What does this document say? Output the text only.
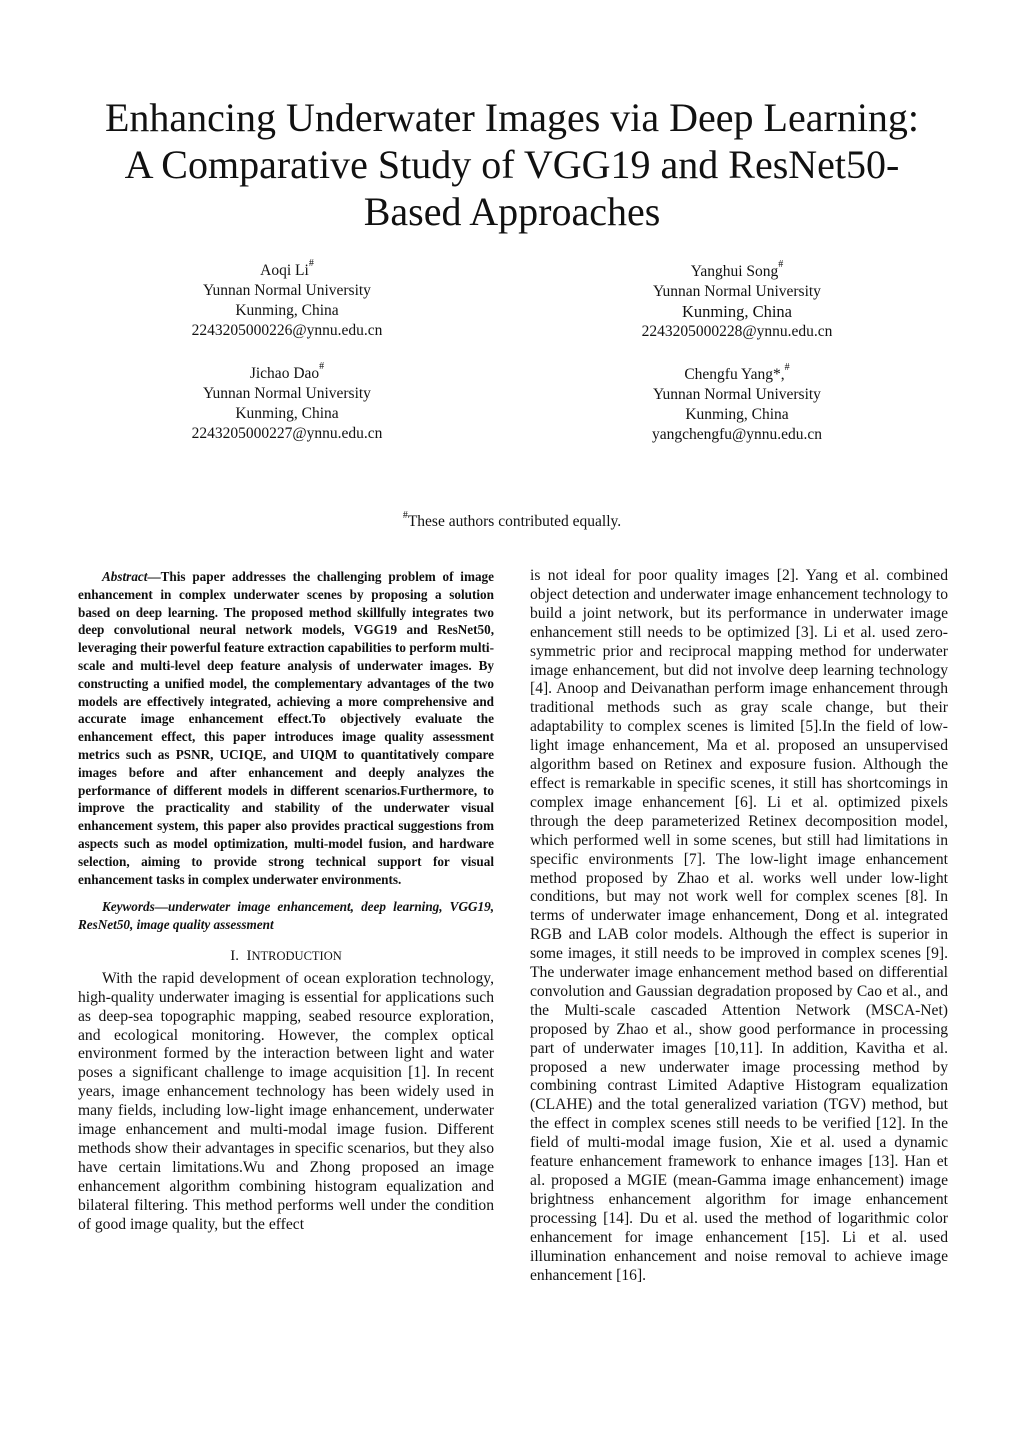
Enhancing Underwater Images via Deep Learning:
A Comparative Study of VGG19 and ResNet50-
Based Approaches
Aoqi Li#
Yunnan Normal University
Kunming, China
2243205000226@ynnu.edu.cn
Yanghui Song#
Yunnan Normal University
Kunming, China
2243205000228@ynnu.edu.cn
Jichao Dao#
Yunnan Normal University
Kunming, China
2243205000227@ynnu.edu.cn
Chengfu Yang*,#
Yunnan Normal University
Kunming, China
yangchengfu@ynnu.edu.cn
#These authors contributed equally.

Abstract—This paper addresses the challenging problem of image enhancement in complex underwater scenes by proposing a solution based on deep learning. The proposed method skillfully integrates two deep convolutional neural network models, VGG19 and ResNet50, leveraging their powerful feature extraction capabilities to perform multi-scale and multi-level deep feature analysis of underwater images. By constructing a unified model, the complementary advantages of the two models are effectively integrated, achieving a more comprehensive and accurate image enhancement effect.To objectively evaluate the enhancement effect, this paper introduces image quality assessment metrics such as PSNR, UCIQE, and UIQM to quantitatively compare images before and after enhancement and deeply analyzes the performance of different models in different scenarios.Furthermore, to improve the practicality and stability of the underwater visual enhancement system, this paper also provides practical suggestions from aspects such as model optimization, multi-model fusion, and hardware selection, aiming to provide strong technical support for visual enhancement tasks in complex underwater environments.

Keywords—underwater image enhancement, deep learning, VGG19, ResNet50, image quality assessment

I. INTRODUCTION

With the rapid development of ocean exploration technology, high-quality underwater imaging is essential for applications such as deep-sea topographic mapping, seabed resource exploration, and ecological monitoring. However, the complex optical environment formed by the interaction between light and water poses a significant challenge to image acquisition [1]. In recent years, image enhancement technology has been widely used in many fields, including low-light image enhancement, underwater image enhancement and multi-modal image fusion. Different methods show their advantages in specific scenarios, but they also have certain limitations.Wu and Zhong proposed an image enhancement algorithm combining histogram equalization and bilateral filtering. This method performs well under the condition of good image quality, but the effect

is not ideal for poor quality images [2]. Yang et al. combined object detection and underwater image enhancement technology to build a joint network, but its performance in underwater image enhancement still needs to be optimized [3]. Li et al. used zero-symmetric prior and reciprocal mapping method for underwater image enhancement, but did not involve deep learning technology [4]. Anoop and Deivanathan perform image enhancement through traditional methods such as gray scale change, but their adaptability to complex scenes is limited [5].In the field of low-light image enhancement, Ma et al. proposed an unsupervised algorithm based on Retinex and exposure fusion. Although the effect is remarkable in specific scenes, it still has shortcomings in complex image enhancement [6]. Li et al. optimized pixels through the deep parameterized Retinex decomposition model, which performed well in some scenes, but still had limitations in specific environments [7]. The low-light image enhancement method proposed by Zhao et al. works well under low-light conditions, but may not work well for complex scenes [8]. In terms of underwater image enhancement, Dong et al. integrated RGB and LAB color models. Although the effect is superior in some images, it still needs to be improved in complex scenes [9]. The underwater image enhancement method based on differential convolution and Gaussian degradation proposed by Cao et al., and the Multi-scale cascaded Attention Network (MSCA-Net) proposed by Zhao et al., show good performance in processing part of underwater images [10,11]. In addition, Kavitha et al. proposed a new underwater image processing method by combining contrast Limited Adaptive Histogram equalization (CLAHE) and the total generalized variation (TGV) method, but the effect in complex scenes still needs to be verified [12]. In the field of multi-modal image fusion, Xie et al. used a dynamic feature enhancement framework to enhance images [13]. Han et al. proposed a MGIE (mean-Gamma image enhancement) image brightness enhancement algorithm for image enhancement processing [14]. Du et al. used the method of logarithmic color enhancement for image enhancement [15]. Li et al. used illumination enhancement and noise removal to achieve image enhancement [16].
